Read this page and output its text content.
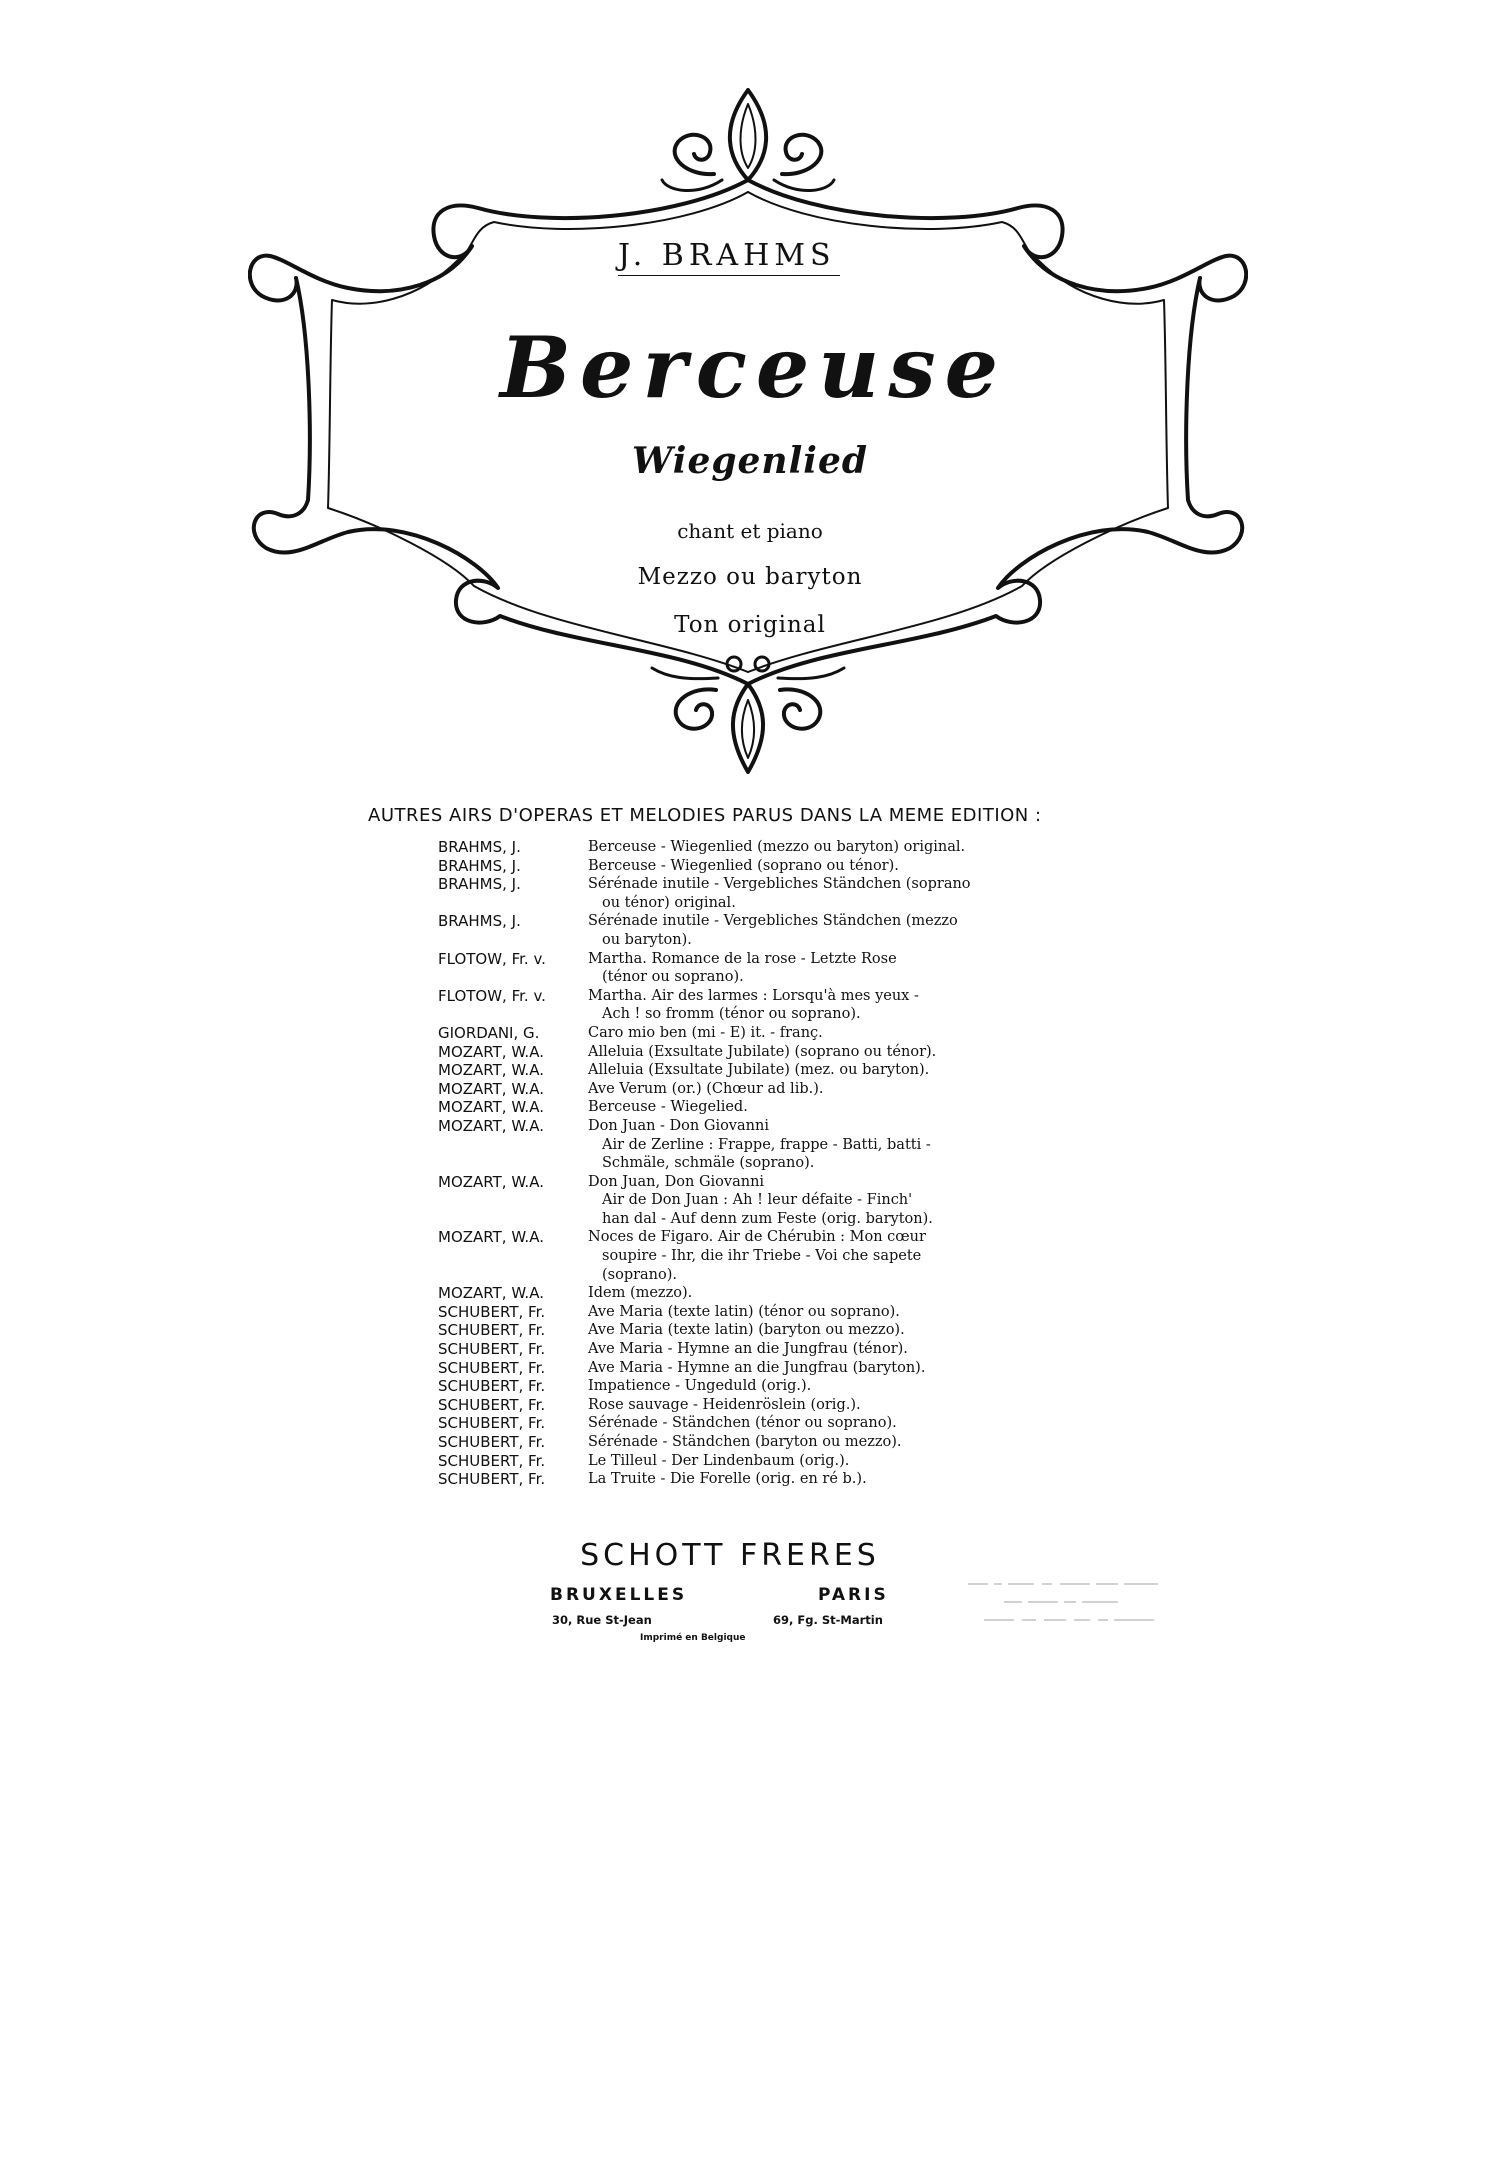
J. BRAHMS
Berceuse
Wiegenlied
chant et piano
Mezzo ou baryton
Ton original
AUTRES AIRS D'OPERAS ET MELODIES PARUS DANS LA MEME EDITION :
BRAHMS, J.	Berceuse - Wiegenlied (mezzo ou baryton) original.
BRAHMS, J.	Berceuse - Wiegenlied (soprano ou ténor).
BRAHMS, J.	Sérénade inutile - Vergebliches Ständchen (soprano
ou ténor) original.
BRAHMS, J.	Sérénade inutile - Vergebliches Ständchen (mezzo
ou baryton).
FLOTOW, Fr. v.	Martha. Romance de la rose - Letzte Rose
(ténor ou soprano).
FLOTOW, Fr. v.	Martha. Air des larmes : Lorsqu'à mes yeux -
Ach ! so fromm (ténor ou soprano).
GIORDANI, G.	Caro mio ben (mi - E) it. - franç.
MOZART, W.A.	Alleluia (Exsultate Jubilate) (soprano ou ténor).
MOZART, W.A.	Alleluia (Exsultate Jubilate) (mez. ou baryton).
MOZART, W.A.	Ave Verum (or.) (Chœur ad lib.).
MOZART, W.A.	Berceuse - Wiegelied.
MOZART, W.A.	Don Juan - Don Giovanni
Air de Zerline : Frappe, frappe - Batti, batti -
Schmäle, schmäle (soprano).
MOZART, W.A.	Don Juan, Don Giovanni
Air de Don Juan : Ah ! leur défaite - Finch'
han dal - Auf denn zum Feste (orig. baryton).
MOZART, W.A.	Noces de Figaro. Air de Chérubin : Mon cœur
soupire - Ihr, die ihr Triebe - Voi che sapete
(soprano).
MOZART, W.A.	Idem (mezzo).
SCHUBERT, Fr.	Ave Maria (texte latin) (ténor ou soprano).
SCHUBERT, Fr.	Ave Maria (texte latin) (baryton ou mezzo).
SCHUBERT, Fr.	Ave Maria - Hymne an die Jungfrau (ténor).
SCHUBERT, Fr.	Ave Maria - Hymne an die Jungfrau (baryton).
SCHUBERT, Fr.	Impatience - Ungeduld (orig.).
SCHUBERT, Fr.	Rose sauvage - Heidenröslein (orig.).
SCHUBERT, Fr.	Sérénade - Ständchen (ténor ou soprano).
SCHUBERT, Fr.	Sérénade - Ständchen (baryton ou mezzo).
SCHUBERT, Fr.	Le Tilleul - Der Lindenbaum (orig.).
SCHUBERT, Fr.	La Truite - Die Forelle (orig. en ré b.).
SCHOTT FRERES
BRUXELLES	PARIS
30, Rue St-Jean	69, Fg. St-Martin
Imprimé en Belgique
